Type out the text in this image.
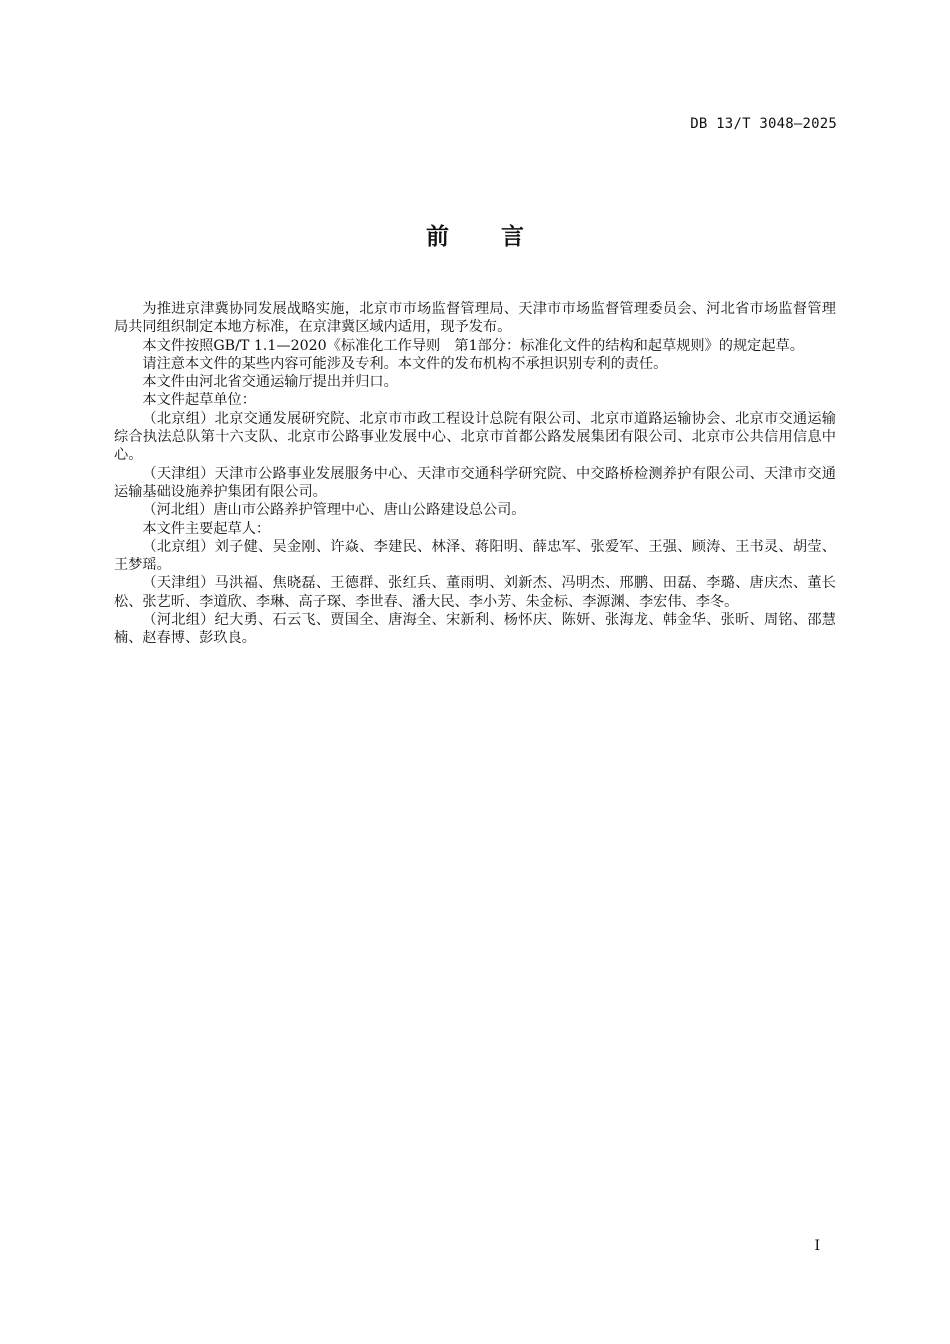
DB 13/T 3048—2025
前言

为推进京津冀协同发展战略实施，北京市市场监督管理局、天津市市场监督管理委员会、河北省市场监督管理局共同组织制定本地方标准，在京津冀区域内适用，现予发布。

本文件按照GB/T 1.1—2020《标准化工作导则　第1部分：标准化文件的结构和起草规则》的规定起草。

请注意本文件的某些内容可能涉及专利。本文件的发布机构不承担识别专利的责任。

本文件由河北省交通运输厅提出并归口。

本文件起草单位：

（北京组）北京交通发展研究院、北京市市政工程设计总院有限公司、北京市道路运输协会、北京市交通运输综合执法总队第十六支队、北京市公路事业发展中心、北京市首都公路发展集团有限公司、北京市公共信用信息中心。

（天津组）天津市公路事业发展服务中心、天津市交通科学研究院、中交路桥检测养护有限公司、天津市交通运输基础设施养护集团有限公司。

（河北组）唐山市公路养护管理中心、唐山公路建设总公司。

本文件主要起草人：

（北京组）刘子健、吴金刚、许焱、李建民、林泽、蒋阳明、薛忠军、张爱军、王强、顾涛、王书灵、胡莹、王梦瑶。

（天津组）马洪福、焦晓磊、王德群、张红兵、董雨明、刘新杰、冯明杰、邢鹏、田磊、李璐、唐庆杰、董长松、张艺昕、李道欣、李琳、高子琛、李世春、潘大民、李小芳、朱金标、李源渊、李宏伟、李冬。

（河北组）纪大勇、石云飞、贾国全、唐海全、宋新利、杨怀庆、陈妍、张海龙、韩金华、张昕、周铭、邵慧楠、赵春博、彭玖良。

I
